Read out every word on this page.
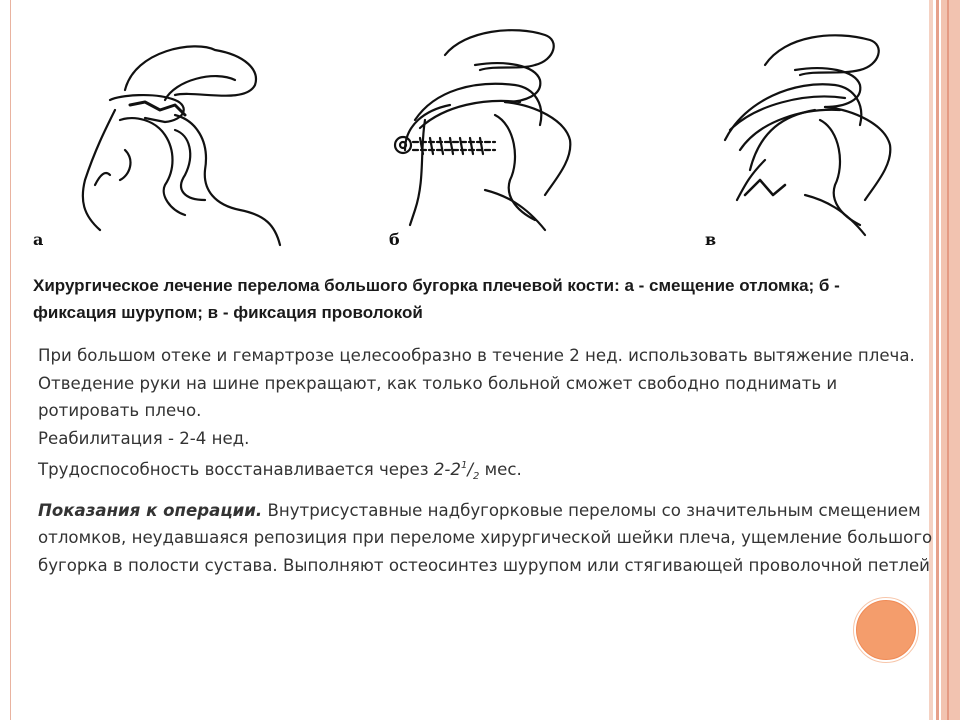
а	б	в
Хирургическое лечение перелома большого бугорка плечевой кости: а - смещение отломка; б - фиксация шурупом; в - фиксация проволокой

При большом отеке и гемартрозе целесообразно в течение 2 нед. использовать вытяжение плеча. Отведение руки на шине прекращают, как только больной сможет свободно поднимать и ротировать плечо.

Реабилитация - 2-4 нед.

Трудоспособность восстанавливается через $2-2^1/_2$ мес.

Показания к операции. Внутрисуставные надбугорковые переломы со значительным смещением отломков, неудавшаяся репозиция при переломе хирургической шейки плеча, ущемление большого бугорка в полости сустава. Выполняют остеосинтез шурупом или стягивающей проволочной петлей
